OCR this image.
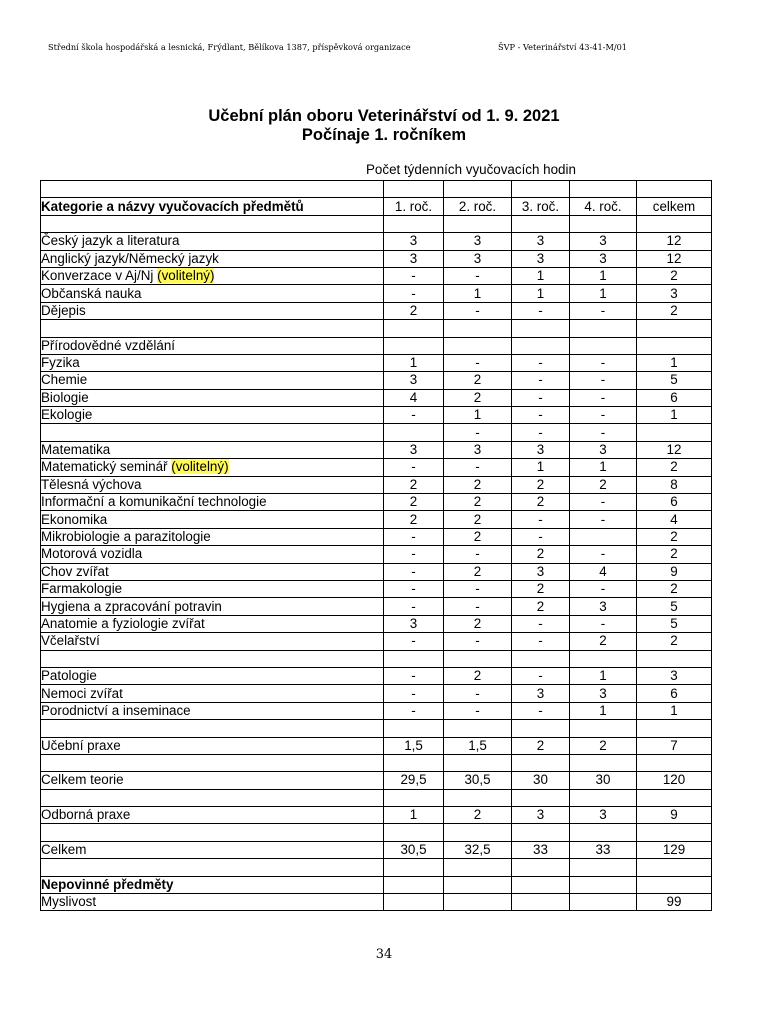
Střední škola hospodářská a lesnická, Frýdlant, Bělíkova 1387, příspěvková organizace	ŠVP - Veterinářství 43-41-M/01
Učební plán oboru Veterinářství od 1. 9. 2021
Počínaje 1. ročníkem
Počet týdenních vyučovacích hodin

Kategorie a názvy vyučovacích předmětů	1. roč.	2. roč.	3. roč.	4. roč.	celkem

Český jazyk a literatura	3	3	3	3	12
Anglický jazyk/Německý jazyk	3	3	3	3	12
Konverzace v Aj/Nj (volitelný)	-	-	1	1	2
Občanská nauka	-	1	1	1	3
Dějepis	2	-	-	-	2

Přírodovědné vzdělání					
Fyzika	1	-	-	-	1
Chemie	3	2	-	-	5
Biologie	4	2	-	-	6
Ekologie	-	1	-	-	1
		-	-	-	
Matematika	3	3	3	3	12
Matematický seminář (volitelný)	-	-	1	1	2
Tělesná výchova	2	2	2	2	8
Informační a komunikační technologie	2	2	2	-	6
Ekonomika	2	2	-	-	4
Mikrobiologie a parazitologie	-	2	-		2
Motorová vozidla	-	-	2	-	2
Chov zvířat	-	2	3	4	9
Farmakologie	-	-	2	-	2
Hygiena a zpracování potravin	-	-	2	3	5
Anatomie a fyziologie zvířat	3	2	-	-	5
Včelařství	-	-	-	2	2

Patologie	-	2	-	1	3
Nemoci zvířat	-	-	3	3	6
Porodnictví a inseminace	-	-	-	1	1

Učební praxe	1,5	1,5	2	2	7

Celkem teorie	29,5	30,5	30	30	120

Odborná praxe	1	2	3	3	9

Celkem	30,5	32,5	33	33	129

Nepovinné předměty					
Myslivost					99
34
